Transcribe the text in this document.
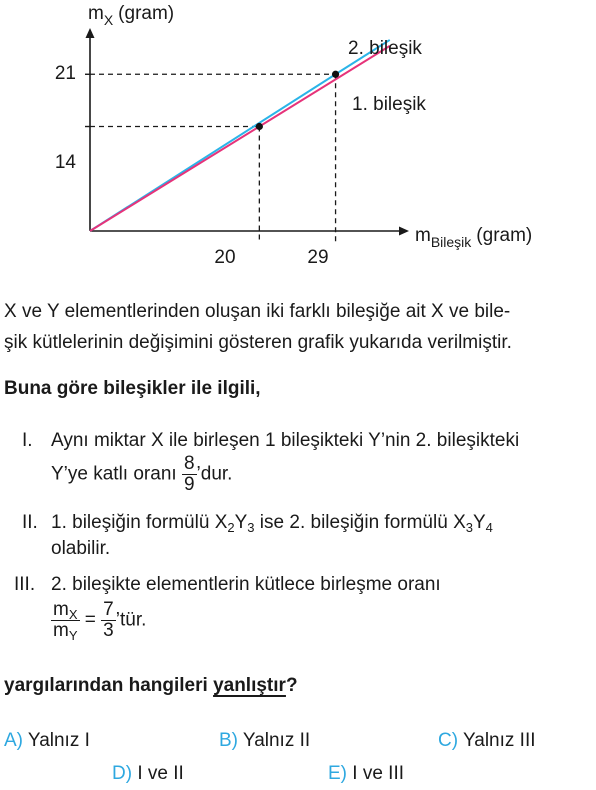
$m_X$ (gram)
$m_{Bileşik}$ (gram)
21
14
20	29
2. bileşik
1. bileşik
X ve Y elementlerinden oluşan iki farklı bileşiğe ait X ve bile-
şik kütlelerinin değişimini gösteren grafik yukarıda verilmiştir.
Buna göre bileşikler ile ilgili,
I. Aynı miktar X ile birleşen 1 bileşikteki Y’nin 2. bileşikteki
Y’ye katlı oranı $\frac{8}{9}$ ’dur.
II. 1. bileşiğin formülü $X_2Y_3$ ise 2. bileşiğin formülü $X_3Y_4$
olabilir.
III. 2. bileşikte elementlerin kütlece birleşme oranı
$\frac{m_X}{m_Y} = \frac{7}{3}$ ’tür.
yargılarından hangileri yanlıştır?
A) Yalnız I	B) Yalnız II	C) Yalnız III
D) I ve II	E) I ve III
